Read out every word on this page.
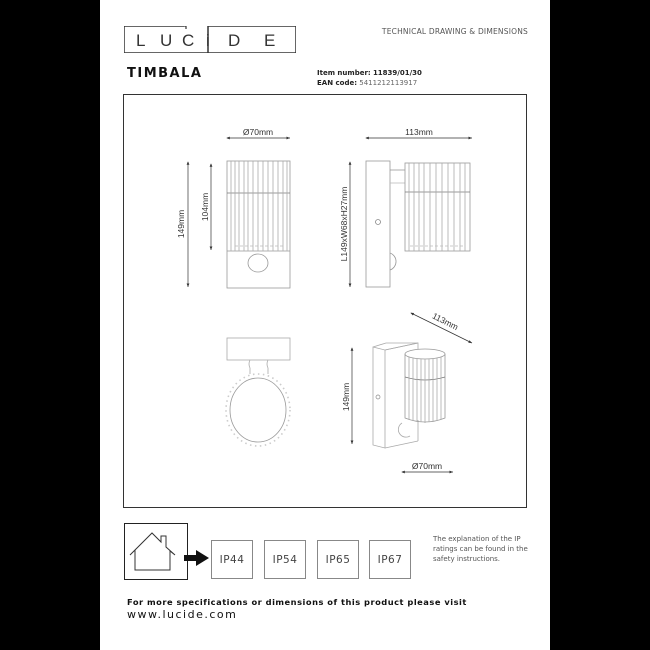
L U C i D E	TECHNICAL DRAWING & DIMENSIONS
TIMBALA	Item number: 11839/01/30
EAN code: 5411212113917
Ø70mm
149mm
104mm
113mm
L149xW68xH27mm
113mm
149mm
Ø70mm
IP44	IP54	IP65	IP67
The explanation of the IP ratings can be found in the safety instructions.
For more specifications or dimensions of this product please visit
www.lucide.com
